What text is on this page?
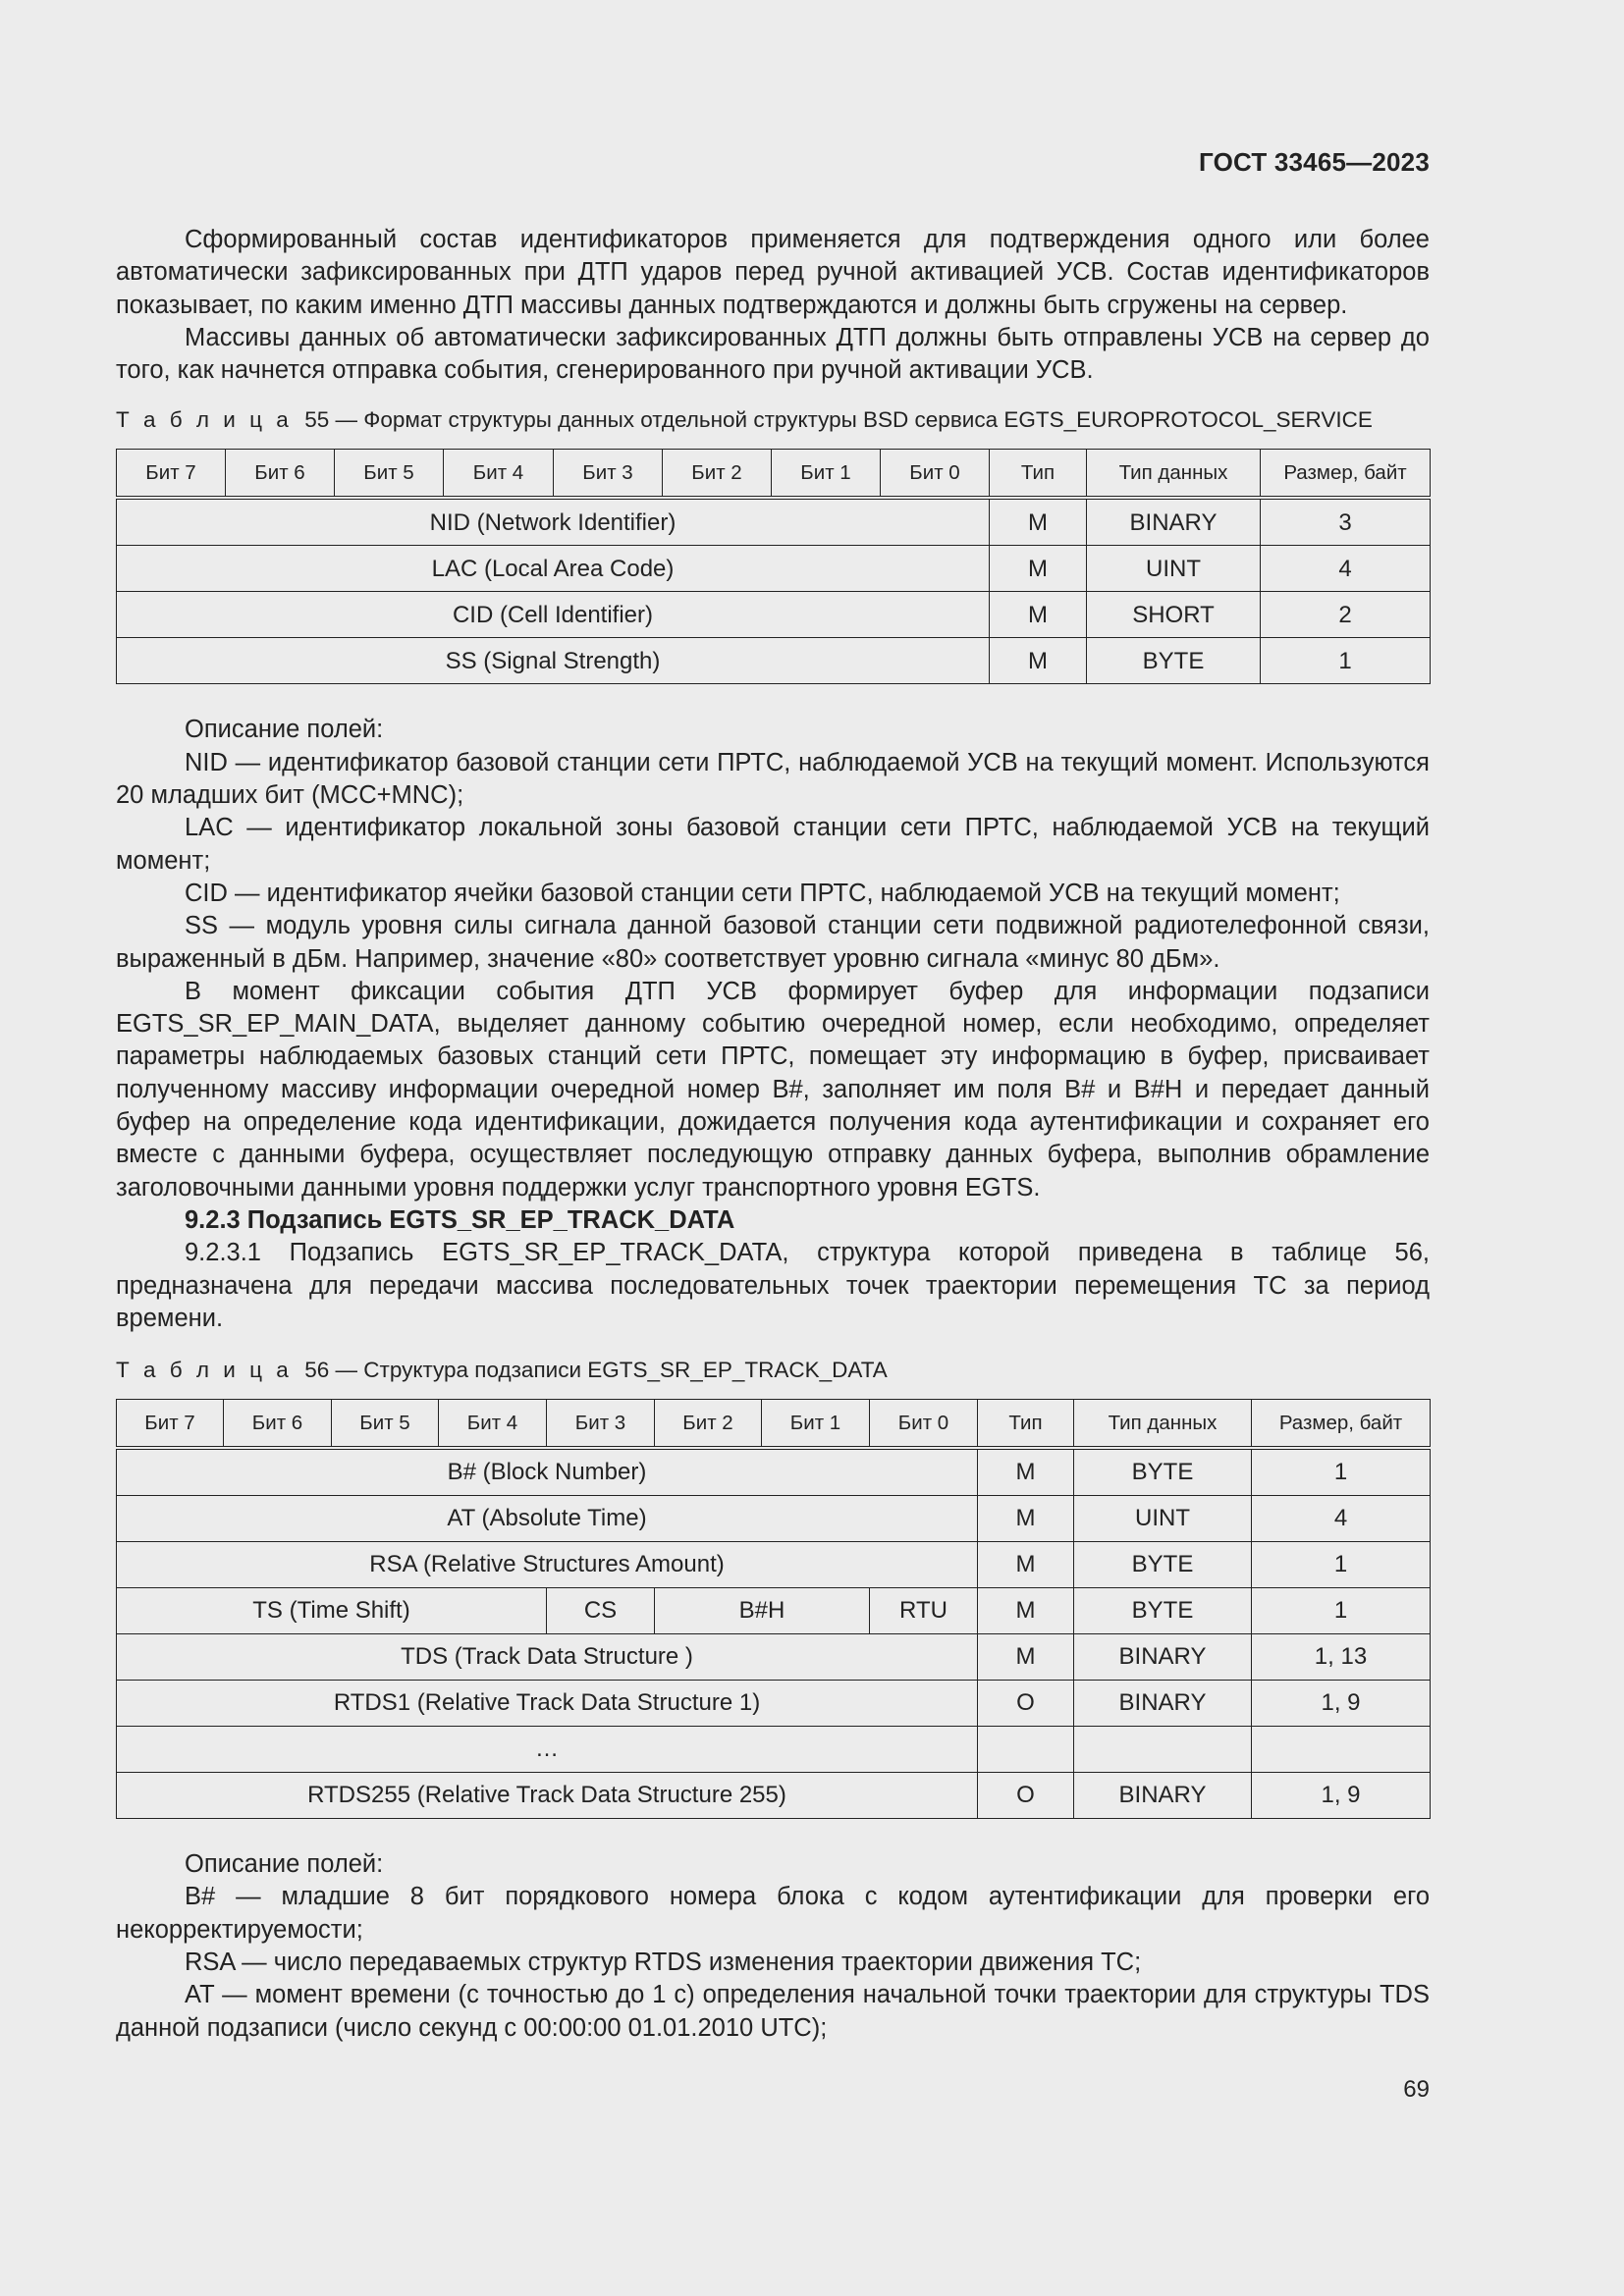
ГОСТ 33465—2023

Сформированный состав идентификаторов применяется для подтверждения одного или более автоматически зафиксированных при ДТП ударов перед ручной активацией УСВ. Состав идентификаторов показывает, по каким именно ДТП массивы данных подтверждаются и должны быть сгружены на сервер.

Массивы данных об автоматически зафиксированных ДТП должны быть отправлены УСВ на сервер до того, как начнется отправка события, сгенерированного при ручной активации УСВ.

Т а б л и ц а 55 — Формат структуры данных отдельной структуры BSD сервиса EGTS_EUROPROTOCOL_SERVICE
Бит 7	Бит 6	Бит 5	Бит 4	Бит 3	Бит 2	Бит 1	Бит 0	Тип	Тип данных	Размер, байт
NID (Network Identifier)								M	BINARY	3
LAC (Local Area Code)								M	UINT	4
CID (Cell Identifier)								M	SHORT	2
SS (Signal Strength)								M	BYTE	1

Описание полей:

NID — идентификатор базовой станции сети ПРТС, наблюдаемой УСВ на текущий момент. Используются 20 младших бит (MCC+MNC);

LAC — идентификатор локальной зоны базовой станции сети ПРТС, наблюдаемой УСВ на текущий момент;

CID — идентификатор ячейки базовой станции сети ПРТС, наблюдаемой УСВ на текущий момент;

SS — модуль уровня силы сигнала данной базовой станции сети подвижной радиотелефонной связи, выраженный в дБм. Например, значение «80» соответствует уровню сигнала «минус 80 дБм».

В момент фиксации события ДТП УСВ формирует буфер для информации подзаписи EGTS_SR_EP_MAIN_DATA, выделяет данному событию очередной номер, если необходимо, определяет параметры наблюдаемых базовых станций сети ПРТС, помещает эту информацию в буфер, присваивает полученному массиву информации очередной номер B#, заполняет им поля B# и B#H и передает данный буфер на определение кода идентификации, дожидается получения кода аутентификации и сохраняет его вместе с данными буфера, осуществляет последующую отправку данных буфера, выполнив обрамление заголовочными данными уровня поддержки услуг транспортного уровня EGTS.

9.2.3 Подзапись EGTS_SR_EP_TRACK_DATA

9.2.3.1 Подзапись EGTS_SR_EP_TRACK_DATA, структура которой приведена в таблице 56, предназначена для передачи массива последовательных точек траектории перемещения ТС за период времени.

Т а б л и ц а 56 — Структура подзаписи EGTS_SR_EP_TRACK_DATA
Бит 7	Бит 6	Бит 5	Бит 4	Бит 3	Бит 2	Бит 1	Бит 0	Тип	Тип данных	Размер, байт
B# (Block Number)								M	BYTE	1
AT (Absolute Time)								M	UINT	4
RSA (Relative Structures Amount)								M	BYTE	1
TS (Time Shift)				CS	B#H		RTU	M	BYTE	1
TDS (Track Data Structure )								M	BINARY	1, 13
RTDS1 (Relative Track Data Structure 1)								O	BINARY	1, 9
…										
RTDS255 (Relative Track Data Structure 255)								O	BINARY	1, 9

Описание полей:

B# — младшие 8 бит порядкового номера блока с кодом аутентификации для проверки его некорректируемости;

RSA — число передаваемых структур RTDS изменения траектории движения ТС;

AT — момент времени (с точностью до 1 с) определения начальной точки траектории для структуры TDS данной подзаписи (число секунд с 00:00:00 01.01.2010 UTC);

69
